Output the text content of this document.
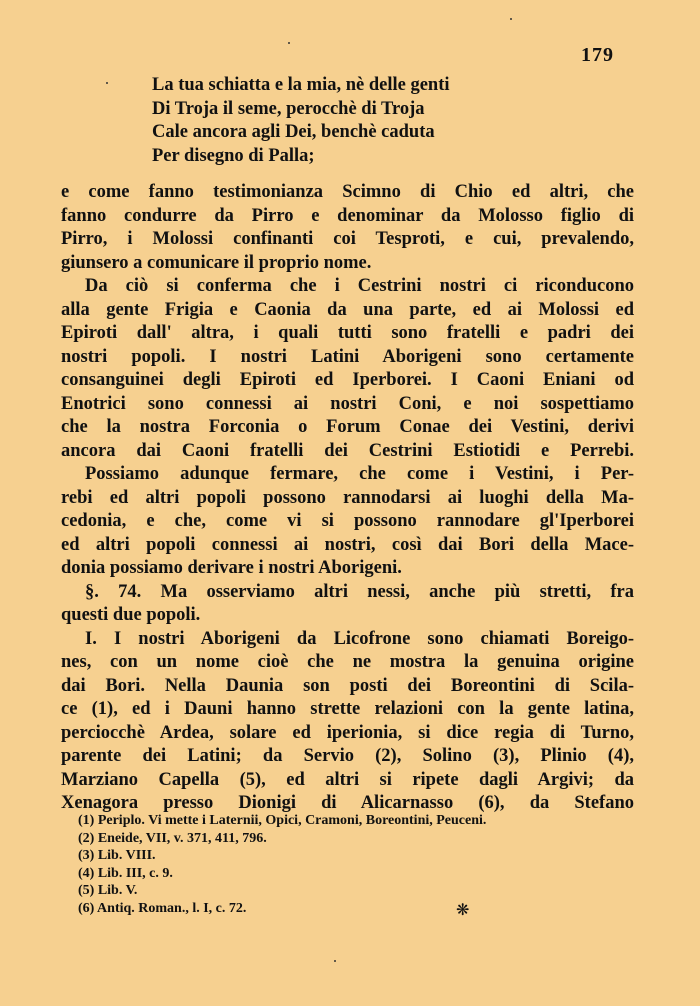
179
La tua schiatta e la mia, nè delle genti
Di Troja il seme, perocchè di Troja
Cale ancora agli Dei, benchè caduta
Per disegno di Palla;
e come fanno testimonianza Scimno di Chio ed altri, che
fanno condurre da Pirro e denominar da Molosso figlio di
Pirro, i Molossi confinanti coi Tesproti, e cui, prevalendo,
giunsero a comunicare il proprio nome.
Da ciò si conferma che i Cestrini nostri ci riconducono
alla gente Frigia e Caonia da una parte, ed ai Molossi ed
Epiroti dall' altra, i quali tutti sono fratelli e padri dei
nostri popoli. I nostri Latini Aborigeni sono certamente
consanguinei degli Epiroti ed Iperborei. I Caoni Eniani od
Enotrici sono connessi ai nostri Coni, e noi sospettiamo
che la nostra Forconia o Forum Conae dei Vestini, derivi
ancora dai Caoni fratelli dei Cestrini Estiotidi e Perrebi.
Possiamo adunque fermare, che come i Vestini, i Per-
rebi ed altri popoli possono rannodarsi ai luoghi della Ma-
cedonia, e che, come vi si possono rannodare gl'Iperborei
ed altri popoli connessi ai nostri, così dai Bori della Mace-
donia possiamo derivare i nostri Aborigeni.
§. 74. Ma osserviamo altri nessi, anche più stretti, fra
questi due popoli.
I. I nostri Aborigeni da Licofrone sono chiamati Boreigo-
nes, con un nome cioè che ne mostra la genuina origine
dai Bori. Nella Daunia son posti dei Boreontini di Scila-
ce (1), ed i Dauni hanno strette relazioni con la gente latina,
perciocchè Ardea, solare ed iperionia, si dice regia di Turno,
parente dei Latini; da Servio (2), Solino (3), Plinio (4),
Marziano Capella (5), ed altri si ripete dagli Argivi; da
Xenagora presso Dionigi di Alicarnasso (6), da Stefano
(1) Periplo. Vi mette i Laternii, Opici, Cramoni, Boreontini, Peuceni.
(2) Eneide, VII, v. 371, 411, 796.
(3) Lib. VIII.
(4) Lib. III, c. 9.
(5) Lib. V.
(6) Antiq. Roman., l. I, c. 72.	❋
